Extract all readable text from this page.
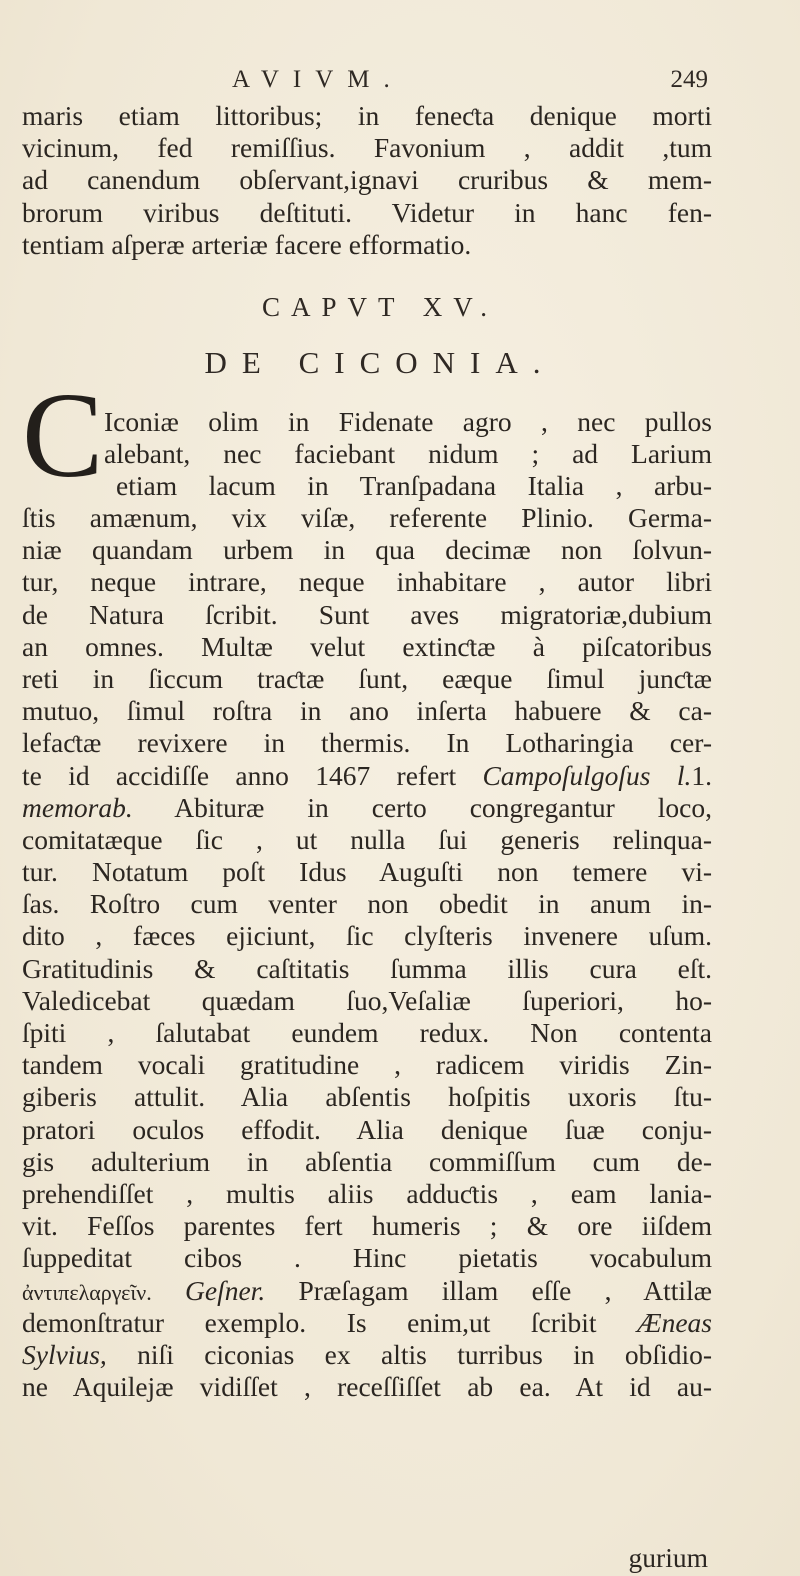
AVIVM.	249
maris etiam littoribus; in feneƈta denique morti
vicinum, fed remiſſius. Favonium , addit ,tum
ad canendum obſervant,ignavi cruribus & mem-
brorum viribus deſtituti. Videtur in hanc fen-
tentiam aſperæ arteriæ facere efformatio.
CAPVT XV.
DE CICONIA.
C Iconiæ olim in Fidenate agro , nec pullos
alebant, nec faciebant nidum ; ad Larium
etiam lacum in Tranſpadana Italia , arbu-
ſtis amænum, vix viſæ, referente Plinio. Germa-
niæ quandam urbem in qua decimæ non ſolvun-
tur, neque intrare, neque inhabitare , autor libri
de Natura ſcribit. Sunt aves migratoriæ,dubium
an omnes. Multæ velut extinƈtæ à piſcatoribus
reti in ſiccum traƈtæ ſunt, eæque ſimul junƈtæ
mutuo, ſimul roſtra in ano inſerta habuere & ca-
lefaƈtæ revixere in thermis. In Lotharingia cer-
te id accidiſſe anno 1467 refert Campoſulgoſus l.1.
memorab. Abituræ in certo congregantur loco,
comitatæque ſic , ut nulla ſui generis relinqua-
tur. Notatum poſt Idus Auguſti non temere vi-
ſas. Roſtro cum venter non obedit in anum in-
dito , fæces ejiciunt, ſic clyſteris invenere uſum.
Gratitudinis & caſtitatis ſumma illis cura eſt.
Valedicebat quædam ſuo,Veſaliæ ſuperiori, ho-
ſpiti , ſalutabat eundem redux. Non contenta
tandem vocali gratitudine , radicem viridis Zin-
giberis attulit. Alia abſentis hoſpitis uxoris ſtu-
pratori oculos effodit. Alia denique ſuæ conju-
gis adulterium in abſentia commiſſum cum de-
prehendiſſet , multis aliis adduƈtis , eam lania-
vit. Feſſos parentes fert humeris ; & ore iiſdem
ſuppeditat cibos . Hinc pietatis vocabulum
ἀντιπελαργεῖν. Geſner. Præſagam illam eſſe , Attilæ
demonſtratur exemplo. Is enim,ut ſcribit Æneas
Sylvius, niſi ciconias ex altis turribus in obſidio-
ne Aquilejæ vidiſſet , receſſiſſet ab ea. At id au-
gurium
